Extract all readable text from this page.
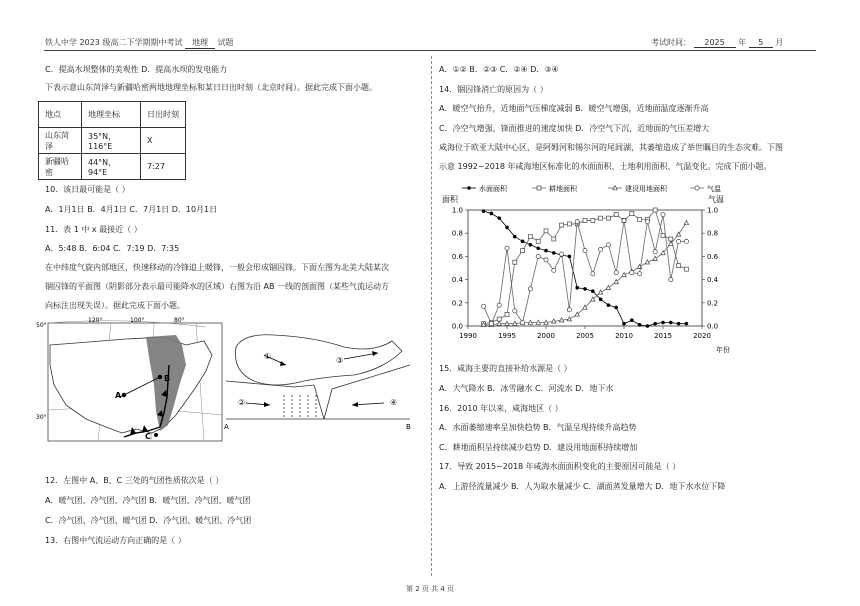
铁人中学 2023 级高二下学期期中考试 地理 试题	考试时间： 2025 年 5 月
C．提高水坝整体的美观性 D．提高水坝的发电能力
下表示意山东菏泽与新疆哈密两地地理坐标和某日日出时刻（北京时间）。据此完成下面小题。
地点	地理坐标	日出时刻
山东菏泽	35°N，116°E	X
新疆哈密	44°N，94°E	7:27
10．该日最可能是（ ）
A．1月1日 B．4月1日 C．7月1日 D．10月1日
11．表 1 中 x 最接近（ ）
A．5:48 B．6:04 C．7:19 D．7:35
在中纬度气旋内部地区，快速移动的冷锋追上暖锋，一般会形成锢囚锋。下面左图为北美大陆某次
锢囚锋的平面图（阴影部分表示最可能降水的区域）右图为沿 AB 一线的剖面图（某些气流运动方
向标注出现失误）。据此完成下面小题。
50°
30°
120°	100°	80°
A
B
C
①	③
②	④
A	B
12．左图中 A、B、C 三处的气团性质依次是（ ）
A．暖气团、冷气团、冷气团 B．暖气团、冷气团、暖气团
C．冷气团、冷气团、暖气团 D．冷气团、暖气团、冷气团
13．右图中气流运动方向正确的是（ ）
A．①② B．②③ C．②④ D．③④
14．锢囚锋消亡的原因为（ ）
A．暖空气抬升，近地面气压梯度减弱 B．暖空气增强，近地面温度逐渐升高
C．冷空气增强，锋面推进的速度加快 D．冷空气下沉，近地面的气压差增大
咸海位于欧亚大陆中心区，是阿姆河和锡尔河的尾闾湖，其萎缩造成了举世瞩目的生态灾难。下图
示意 1992~2018 年咸海地区标准化的水面面积、土地利用面积、气温变化。完成下面小题。
水面面积	耕地面积	建设用地面积	气温
面积	气温
年份
0.0	0.0
0.2	0.2
0.4	0.4
0.6	0.6
0.8	0.8
1.0	1.0
1990	1995	2000	2005	2010	2015	2020
15．咸海主要的直接补给水源是（ ）
A．大气降水 B．冰雪融水 C．河流水 D．地下水
16．2010 年以来，咸海地区（ ）
A．水面萎缩速率呈加快趋势 B．气温呈现持续升高趋势
C．耕地面积呈持续减少趋势 D．建设用地面积持续增加
17．导致 2015~2018 年咸海水面面积变化的主要原因可能是（ ）
A．上游径流量减少 B．人为取水量减少 C．湖面蒸发量增大 D．地下水水位下降
第 2 页 共 4 页
